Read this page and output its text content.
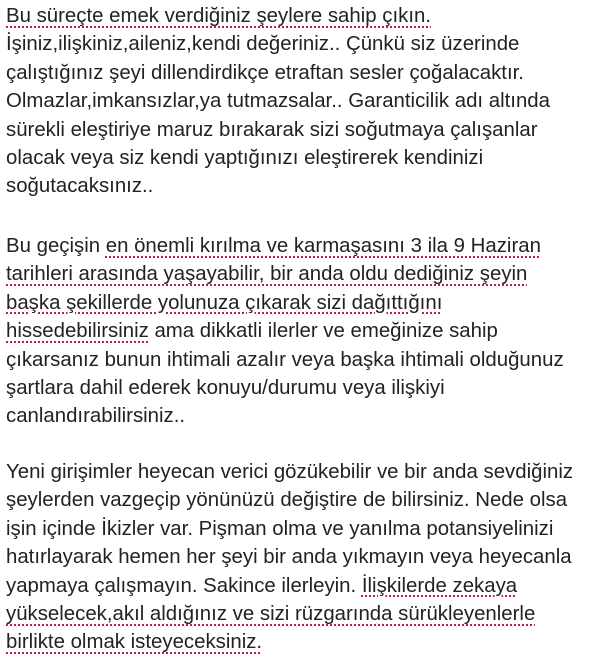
Bu süreçte emek verdiğiniz şeylere sahip çıkın.
İşiniz,ilişkiniz,aileniz,kendi değeriniz.. Çünkü siz üzerinde
çalıştığınız şeyi dillendirdikçe etraftan sesler çoğalacaktır.
Olmazlar,imkansızlar,ya tutmazsalar.. Garanticilik adı altında
sürekli eleştiriye maruz bırakarak sizi soğutmaya çalışanlar
olacak veya siz kendi yaptığınızı eleştirerek kendinizi
soğutacaksınız..

Bu geçişin en önemli kırılma ve karmaşasını 3 ila 9 Haziran
tarihleri arasında yaşayabilir, bir anda oldu dediğiniz şeyin
başka şekillerde yolunuza çıkarak sizi dağıttığını
hissedebilirsiniz ama dikkatli ilerler ve emeğinize sahip
çıkarsanız bunun ihtimali azalır veya başka ihtimali olduğunuz
şartlara dahil ederek konuyu/durumu veya ilişkiyi
canlandırabilirsiniz..

Yeni girişimler heyecan verici gözükebilir ve bir anda sevdiğiniz
şeylerden vazgeçip yönünüzü değiştire de bilirsiniz. Nede olsa
işin içinde İkizler var. Pişman olma ve yanılma potansiyelinizi
hatırlayarak hemen her şeyi bir anda yıkmayın veya heyecanla
yapmaya çalışmayın. Sakince ilerleyin. İlişkilerde zekaya
yükselecek,akıl aldığınız ve sizi rüzgarında sürükleyenlerle
birlikte olmak isteyeceksiniz.
